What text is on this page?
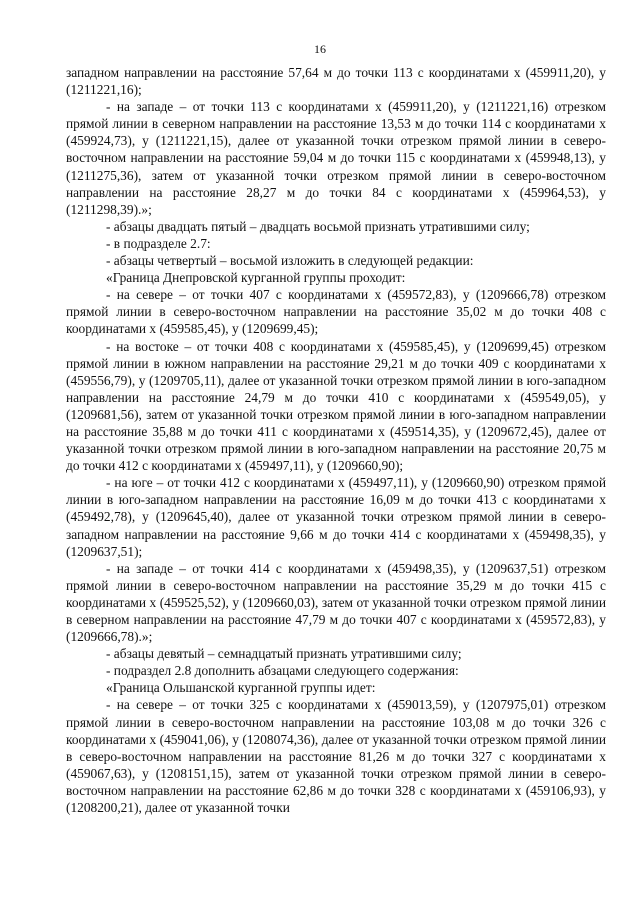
16

западном направлении на расстояние 57,64 м до точки 113 с координатами x (459911,20), y (1211221,16);

- на западе – от точки 113 с координатами x (459911,20), y (1211221,16) отрезком прямой линии в северном направлении на расстояние 13,53 м до точки 114 с координатами x (459924,73), y (1211221,15), далее от указанной точки отрезком прямой линии в северо-восточном направлении на расстояние 59,04 м до точки 115 с координатами x (459948,13), y (1211275,36), затем от указанной точки отрезком прямой линии в северо-восточном направлении на расстояние 28,27 м до точки 84 с координатами x (459964,53), y (1211298,39).»;

- абзацы двадцать пятый – двадцать восьмой признать утратившими силу;

- в подразделе 2.7:

- абзацы четвертый – восьмой изложить в следующей редакции:

«Граница Днепровской курганной группы проходит:

- на севере – от точки 407 с координатами x (459572,83), y (1209666,78) отрезком прямой линии в северо-восточном направлении на расстояние 35,02 м до точки 408 с координатами x (459585,45), y (1209699,45);

- на востоке – от точки 408 с координатами x (459585,45), y (1209699,45) отрезком прямой линии в южном направлении на расстояние 29,21 м до точки 409 с координатами x (459556,79), y (1209705,11), далее от указанной точки отрезком прямой линии в юго-западном направлении на расстояние 24,79 м до точки 410 с координатами x (459549,05), y (1209681,56), затем от указанной точки отрезком прямой линии в юго-западном направлении на расстояние 35,88 м до точки 411 с координатами x (459514,35), y (1209672,45), далее от указанной точки отрезком прямой линии в юго-западном направлении на расстояние 20,75 м до точки 412 с координатами x (459497,11), y (1209660,90);

- на юге – от точки 412 с координатами x (459497,11), y (1209660,90) отрезком прямой линии в юго-западном направлении на расстояние 16,09 м до точки 413 с координатами x (459492,78), y (1209645,40), далее от указанной точки отрезком прямой линии в северо-западном направлении на расстояние 9,66 м до точки 414 с координатами x (459498,35), y (1209637,51);

- на западе – от точки 414 с координатами x (459498,35), y (1209637,51) отрезком прямой линии в северо-восточном направлении на расстояние 35,29 м до точки 415 с координатами x (459525,52), y (1209660,03), затем от указанной точки отрезком прямой линии в северном направлении на расстояние 47,79 м до точки 407 с координатами x (459572,83), y (1209666,78).»;

- абзацы девятый – семнадцатый признать утратившими силу;

- подраздел 2.8 дополнить абзацами следующего содержания:

«Граница Ольшанской курганной группы идет:

- на севере – от точки 325 с координатами x (459013,59), y (1207975,01) отрезком прямой линии в северо-восточном направлении на расстояние 103,08 м до точки 326 с координатами x (459041,06), y (1208074,36), далее от указанной точки отрезком прямой линии в северо-восточном направлении на расстояние 81,26 м до точки 327 с координатами x (459067,63), y (1208151,15), затем от указанной точки отрезком прямой линии в северо-восточном направлении на расстояние 62,86 м до точки 328 с координатами x (459106,93), y (1208200,21), далее от указанной точки
